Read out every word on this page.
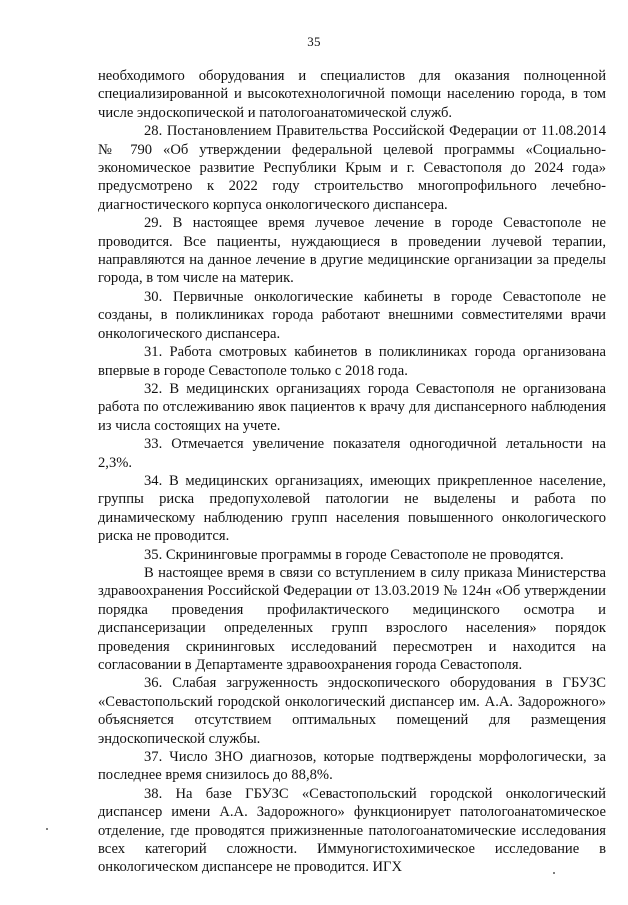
35

необходимого оборудования и специалистов для оказания полноценной специализированной и высокотехнологичной помощи населению города, в том числе эндоскопической и патологоанатомической служб.

28. Постановлением Правительства Российской Федерации от 11.08.2014 № 790 «Об утверждении федеральной целевой программы «Социально-экономическое развитие Республики Крым и г. Севастополя до 2024 года» предусмотрено к 2022 году строительство многопрофильного лечебно-диагностического корпуса онкологического диспансера.

29. В настоящее время лучевое лечение в городе Севастополе не проводится. Все пациенты, нуждающиеся в проведении лучевой терапии, направляются на данное лечение в другие медицинские организации за пределы города, в том числе на материк.

30. Первичные онкологические кабинеты в городе Севастополе не созданы, в поликлиниках города работают внешними совместителями врачи онкологического диспансера.

31. Работа смотровых кабинетов в поликлиниках города организована впервые в городе Севастополе только с 2018 года.

32. В медицинских организациях города Севастополя не организована работа по отслеживанию явок пациентов к врачу для диспансерного наблюдения из числа состоящих на учете.

33. Отмечается увеличение показателя одногодичной летальности на 2,3%.

34. В медицинских организациях, имеющих прикрепленное население, группы риска предопухолевой патологии не выделены и работа по динамическому наблюдению групп населения повышенного онкологического риска не проводится.

35. Скрининговые программы в городе Севастополе не проводятся.

В настоящее время в связи со вступлением в силу приказа Министерства здравоохранения Российской Федерации от 13.03.2019 № 124н «Об утверждении порядка проведения профилактического медицинского осмотра и диспансеризации определенных групп взрослого населения» порядок проведения скрининговых исследований пересмотрен и находится на согласовании в Департаменте здравоохранения города Севастополя.

36. Слабая загруженность эндоскопического оборудования в ГБУЗС «Севастопольский городской онкологический диспансер им. А.А. Задорожного» объясняется отсутствием оптимальных помещений для размещения эндоскопической службы.

37. Число ЗНО диагнозов, которые подтверждены морфологически, за последнее время снизилось до 88,8%.

38. На базе ГБУЗС «Севастопольский городской онкологический диспансер имени А.А. Задорожного» функционирует патологоанатомическое отделение, где проводятся прижизненные патологоанатомические исследования всех категорий сложности. Иммуногистохимическое исследование в онкологическом диспансере не проводится. ИГХ
